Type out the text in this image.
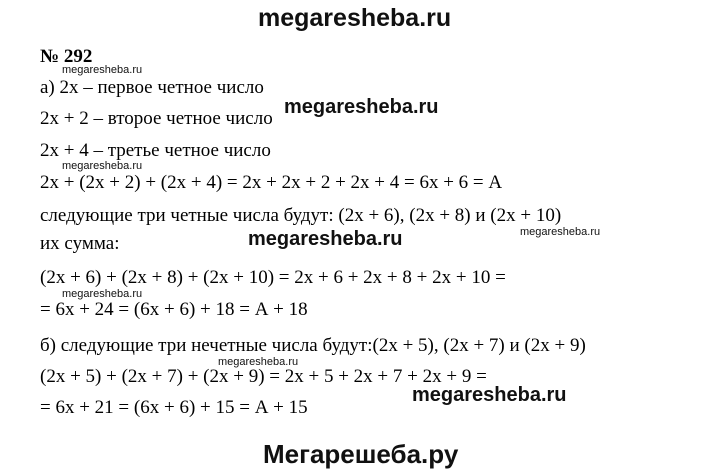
megaresheba.ru
№ 292
а) 2х – первое четное число
2х + 2 – второе четное число
2х + 4 – третье четное число
2х + (2х + 2) + (2х + 4) = 2х + 2х + 2 + 2х + 4 = 6х + 6 = А
следующие три четные числа будут: (2х + 6), (2х + 8) и (2х + 10)
их сумма:
(2х + 6) + (2х + 8) + (2х + 10) = 2х + 6 + 2х + 8 + 2х + 10 =
= 6х + 24 = (6х + 6) + 18 = А + 18
б) следующие три нечетные числа будут:(2х + 5), (2х + 7) и (2х + 9)
(2х + 5) + (2х + 7) + (2х + 9) = 2х + 5 + 2х + 7 + 2х + 9 =
= 6х + 21 = (6х + 6) + 15 = А + 15
megaresheba.ru
megaresheba.ru
megaresheba.ru
megaresheba.ru
megaresheba.ru
megaresheba.ru
megaresheba.ru
megaresheba.ru
Мегарешеба.ру
